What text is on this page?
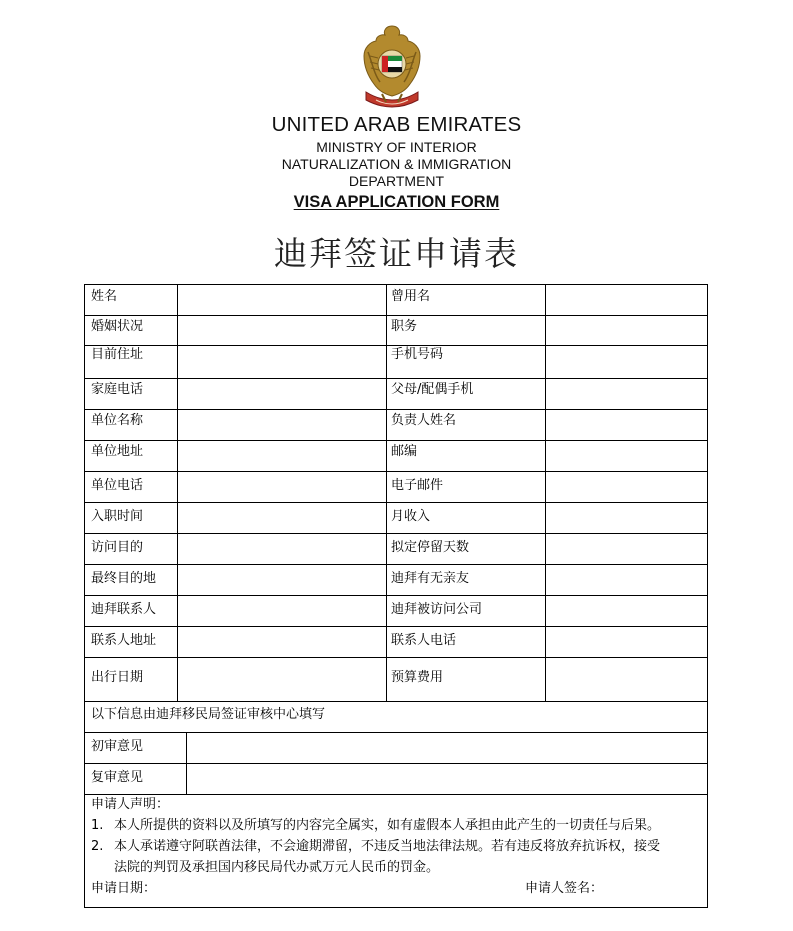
UNITED ARAB EMIRATES
MINISTRY OF INTERIOR
NATURALIZATION & IMMIGRATION
DEPARTMENT
VISA APPLICATION FORM
迪拜签证申请表
姓名	曾用名
婚姻状况	职务
目前住址	手机号码
家庭电话	父母/配偶手机
单位名称	负责人姓名
单位地址	邮编
单位电话	电子邮件
入职时间	月收入
访问目的	拟定停留天数
最终目的地	迪拜有无亲友
迪拜联系人	迪拜被访问公司
联系人地址	联系人电话
出行日期	预算费用
以下信息由迪拜移民局签证审核中心填写
初审意见
复审意见
申请人声明：
1. 本人所提供的资料以及所填写的内容完全属实，如有虚假本人承担由此产生的一切责任与后果。
2. 本人承诺遵守阿联酋法律，不会逾期滞留，不违反当地法律法规。若有违反将放弃抗诉权，接受
法院的判罚及承担国内移民局代办贰万元人民币的罚金。
申请日期：	申请人签名：
